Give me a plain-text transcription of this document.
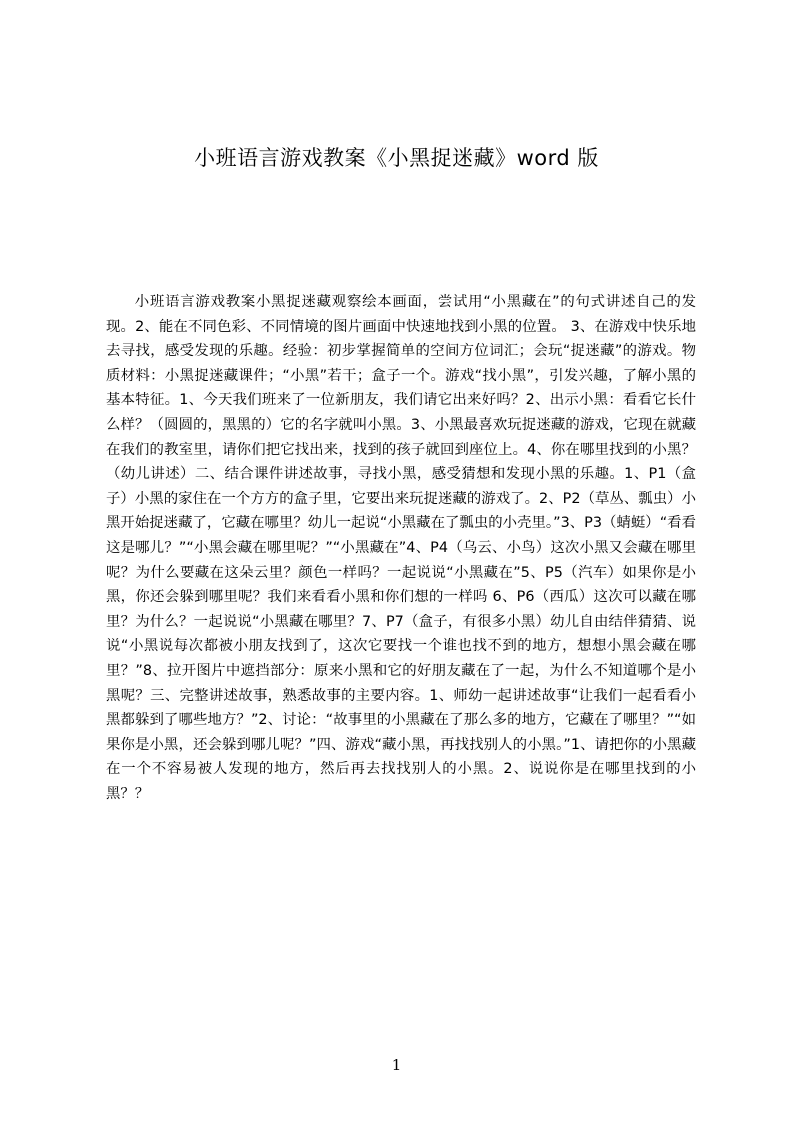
小班语言游戏教案《小黑捉迷藏》word 版
小班语言游戏教案小黑捉迷藏观察绘本画面，尝试用“小黑藏在”的句式讲述自己的发现。2、能在不同色彩、不同情境的图片画面中快速地找到小黑的位置。 3、在游戏中快乐地去寻找，感受发现的乐趣。经验：初步掌握简单的空间方位词汇；会玩“捉迷藏”的游戏。物质材料：小黑捉迷藏课件；“小黑”若干；盒子一个。游戏“找小黑”，引发兴趣，了解小黑的基本特征。1、今天我们班来了一位新朋友，我们请它出来好吗？2、出示小黑：看看它长什么样？（圆圆的，黑黑的）它的名字就叫小黑。3、小黑最喜欢玩捉迷藏的游戏，它现在就藏在我们的教室里，请你们把它找出来，找到的孩子就回到座位上。4、你在哪里找到的小黑？（幼儿讲述）二、结合课件讲述故事，寻找小黑，感受猜想和发现小黑的乐趣。1、P1（盒子）小黑的家住在一个方方的盒子里，它要出来玩捉迷藏的游戏了。2、P2（草丛、瓢虫）小黑开始捉迷藏了，它藏在哪里？幼儿一起说“小黑藏在了瓢虫的小壳里。”3、P3（蜻蜓）“看看这是哪儿？”“小黑会藏在哪里呢？”“小黑藏在”4、P4（乌云、小鸟）这次小黑又会藏在哪里呢？为什么要藏在这朵云里？颜色一样吗？一起说说“小黑藏在”5、P5（汽车）如果你是小黑，你还会躲到哪里呢？我们来看看小黑和你们想的一样吗 6、P6（西瓜）这次可以藏在哪里？为什么？一起说说“小黑藏在哪里？7、P7（盒子，有很多小黑）幼儿自由结伴猜猜、说说“小黑说每次都被小朋友找到了，这次它要找一个谁也找不到的地方，想想小黑会藏在哪里？”8、拉开图片中遮挡部分：原来小黑和它的好朋友藏在了一起，为什么不知道哪个是小黑呢？三、完整讲述故事，熟悉故事的主要内容。1、师幼一起讲述故事“让我们一起看看小黑都躲到了哪些地方？”2、讨论：“故事里的小黑藏在了那么多的地方，它藏在了哪里？”“如果你是小黑，还会躲到哪儿呢？”四、游戏“藏小黑，再找找别人的小黑。”1、请把你的小黑藏在一个不容易被人发现的地方，然后再去找找别人的小黑。2、说说你是在哪里找到的小黑？？
1
